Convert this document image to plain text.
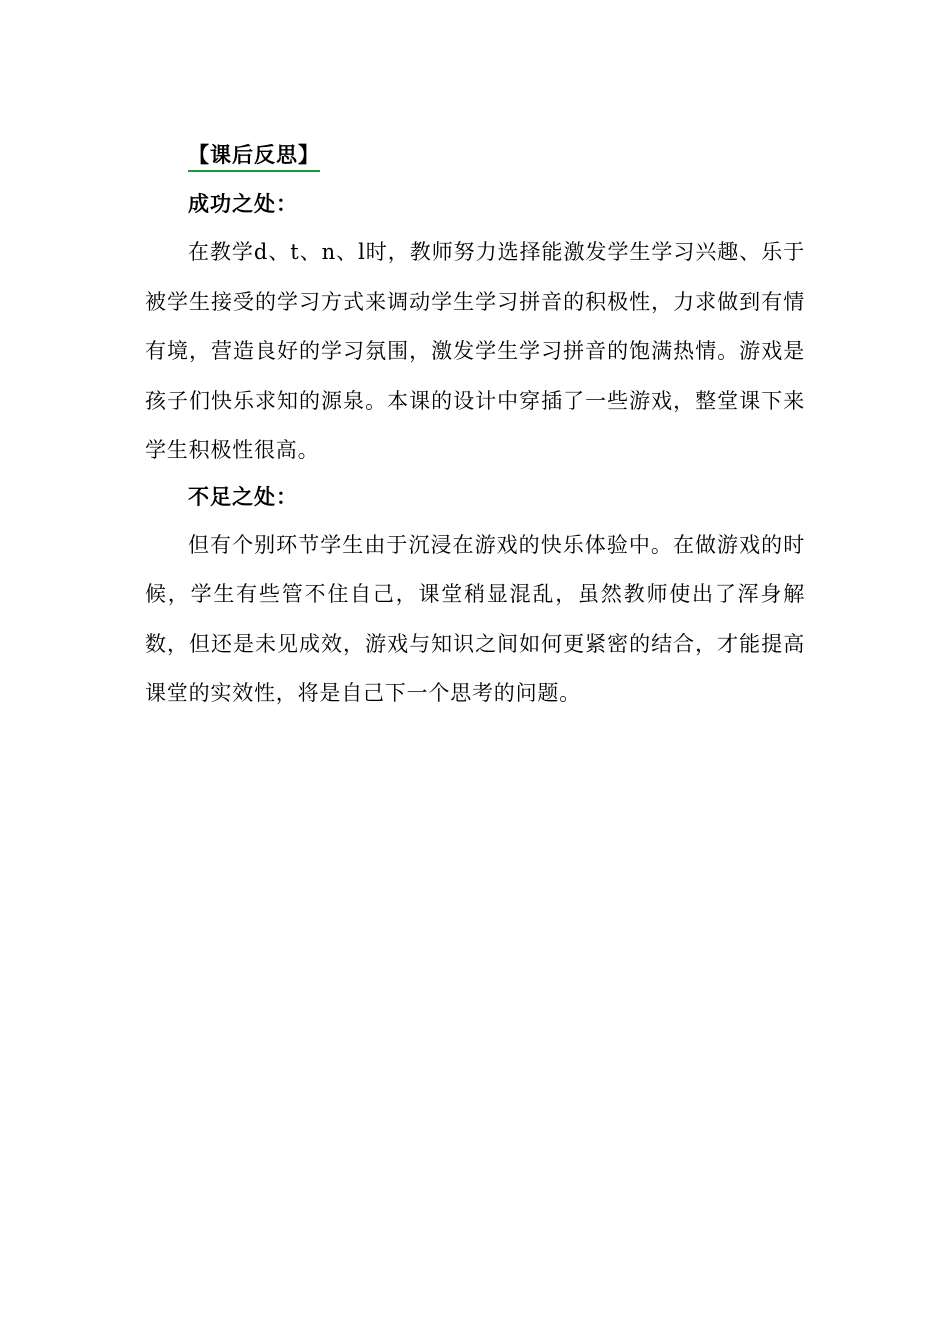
【课后反思】
成功之处：

在教学d、t、n、l时，教师努力选择能激发学生学习兴趣、乐于被学生接受的学习方式来调动学生学习拼音的积极性，力求做到有情有境，营造良好的学习氛围，激发学生学习拼音的饱满热情。游戏是孩子们快乐求知的源泉。本课的设计中穿插了一些游戏，整堂课下来学生积极性很高。

不足之处：

但有个别环节学生由于沉浸在游戏的快乐体验中。在做游戏的时候，学生有些管不住自己，课堂稍显混乱，虽然教师使出了浑身解数，但还是未见成效，游戏与知识之间如何更紧密的结合，才能提高课堂的实效性，将是自己下一个思考的问题。
